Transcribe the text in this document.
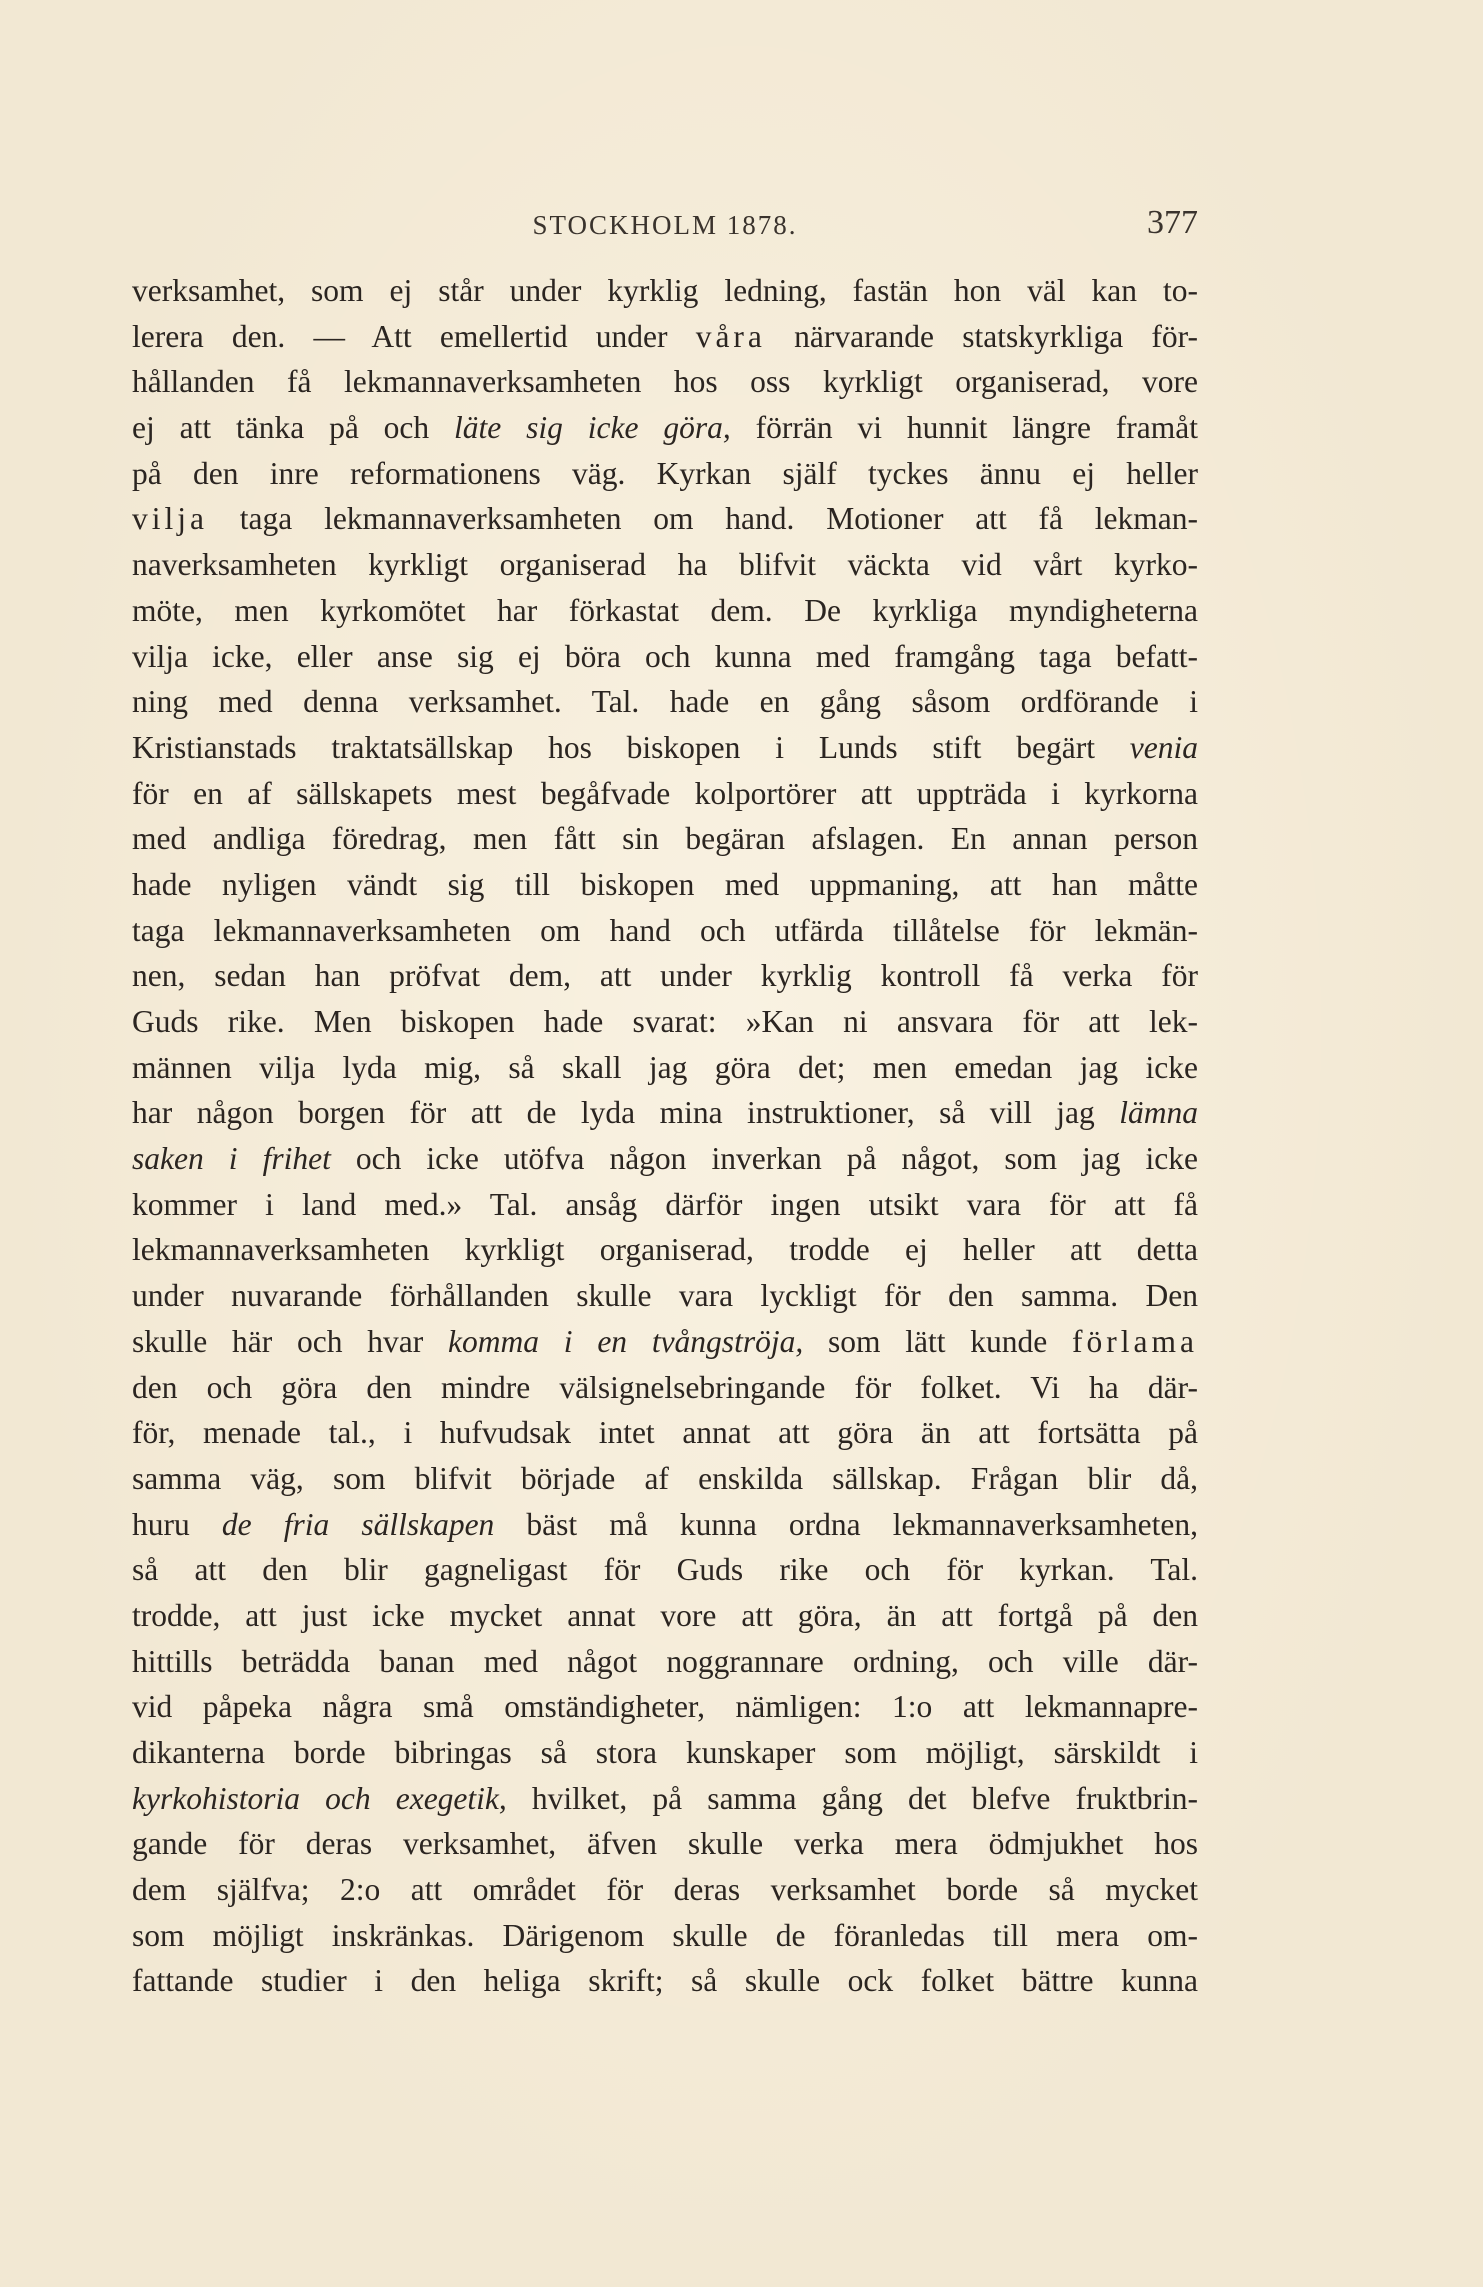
STOCKHOLM 1878.	377
verksamhet, som ej står under kyrklig ledning, fastän hon väl kan to-
lerera den. — Att emellertid under våra närvarande statskyrkliga för-
hållanden få lekmannaverksamheten hos oss kyrkligt organiserad, vore
ej att tänka på och läte sig icke göra, förrän vi hunnit längre framåt
på den inre reformationens väg. Kyrkan själf tyckes ännu ej heller
vilja taga lekmannaverksamheten om hand. Motioner att få lekman-
naverksamheten kyrkligt organiserad ha blifvit väckta vid vårt kyrko-
möte, men kyrkomötet har förkastat dem. De kyrkliga myndigheterna
vilja icke, eller anse sig ej böra och kunna med framgång taga befatt-
ning med denna verksamhet. Tal. hade en gång såsom ordförande i
Kristianstads traktatsällskap hos biskopen i Lunds stift begärt venia
för en af sällskapets mest begåfvade kolportörer att uppträda i kyrkorna
med andliga föredrag, men fått sin begäran afslagen. En annan person
hade nyligen vändt sig till biskopen med uppmaning, att han måtte
taga lekmannaverksamheten om hand och utfärda tillåtelse för lekmän-
nen, sedan han pröfvat dem, att under kyrklig kontroll få verka för
Guds rike. Men biskopen hade svarat: »Kan ni ansvara för att lek-
männen vilja lyda mig, så skall jag göra det; men emedan jag icke
har någon borgen för att de lyda mina instruktioner, så vill jag lämna
saken i frihet och icke utöfva någon inverkan på något, som jag icke
kommer i land med.» Tal. ansåg därför ingen utsikt vara för att få
lekmannaverksamheten kyrkligt organiserad, trodde ej heller att detta
under nuvarande förhållanden skulle vara lyckligt för den samma. Den
skulle här och hvar komma i en tvångströja, som lätt kunde förlama
den och göra den mindre välsignelsebringande för folket. Vi ha där-
för, menade tal., i hufvudsak intet annat att göra än att fortsätta på
samma väg, som blifvit började af enskilda sällskap. Frågan blir då,
huru de fria sällskapen bäst må kunna ordna lekmannaverksamheten,
så att den blir gagneligast för Guds rike och för kyrkan. Tal.
trodde, att just icke mycket annat vore att göra, än att fortgå på den
hittills beträdda banan med något noggrannare ordning, och ville där-
vid påpeka några små omständigheter, nämligen: 1:o att lekmannapre-
dikanterna borde bibringas så stora kunskaper som möjligt, särskildt i
kyrkohistoria och exegetik, hvilket, på samma gång det blefve fruktbrin-
gande för deras verksamhet, äfven skulle verka mera ödmjukhet hos
dem själfva; 2:o att området för deras verksamhet borde så mycket
som möjligt inskränkas. Därigenom skulle de föranledas till mera om-
fattande studier i den heliga skrift; så skulle ock folket bättre kunna
